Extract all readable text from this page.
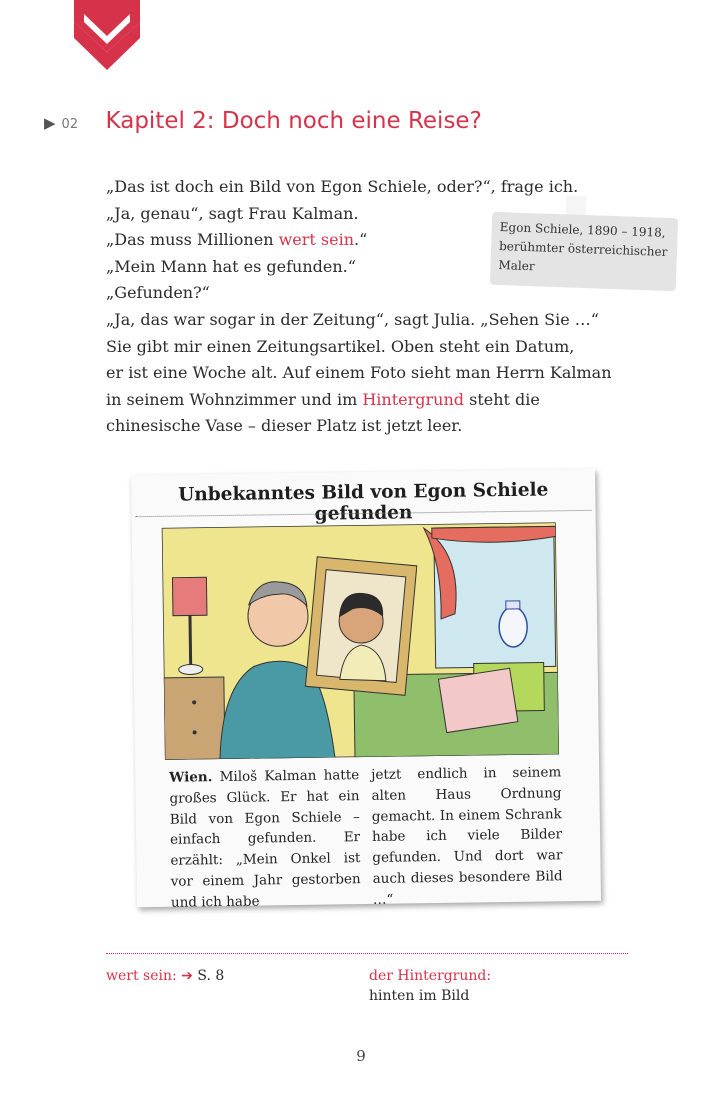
▶ 02	Kapitel 2: Doch noch eine Reise?

„Das ist doch ein Bild von Egon Schiele, oder?“, frage ich.

„Ja, genau“, sagt Frau Kalman.

„Das muss Millionen wert sein.“

„Mein Mann hat es gefunden.“

„Gefunden?“

„Ja, das war sogar in der Zeitung“, sagt Julia. „Sehen Sie …“

Sie gibt mir einen Zeitungsartikel. Oben steht ein Datum,

er ist eine Woche alt. Auf einem Foto sieht man Herrn Kalman

in seinem Wohnzimmer und im Hintergrund steht die

chinesische Vase – dieser Platz ist jetzt leer.

Egon Schiele, 1890 – 1918,
berühmter österreichischer Maler
Unbekanntes Bild von Egon Schiele gefunden

Wien. Miloš Kalman hatte großes Glück. Er hat ein Bild von Egon Schiele – einfach gefunden. Er erzählt: „Mein Onkel ist vor einem Jahr gestorben und ich habe

jetzt endlich in seinem alten Haus Ordnung gemacht. In einem Schrank habe ich viele Bilder gefunden. Und dort war auch dieses besondere Bild …“

wert sein: ➔ S. 8	der Hintergrund:
hinten im Bild
9
